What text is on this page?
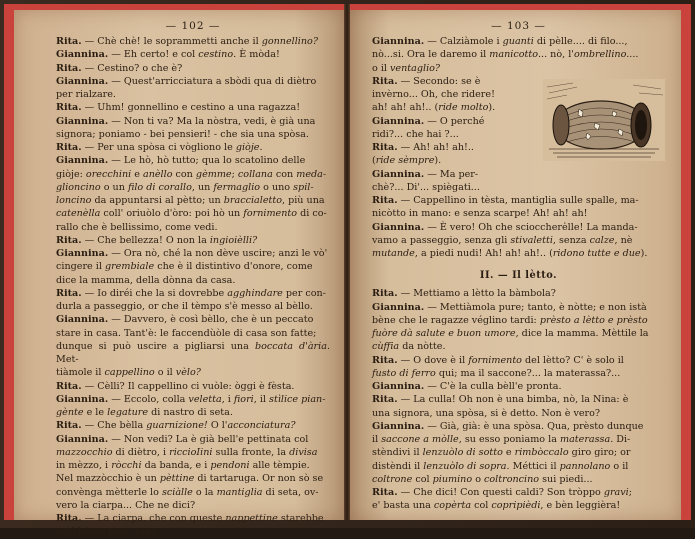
— 102 —

Rita. — Chè chè! le soprammetti anche il gonnellino?

Giannina. — Eh certo! e col cestino. È mòda!

Rita. — Cestino? o che è?

Giannina. — Quest'arricciatura a sbòdi qua di diètro

per rialzare.

Rita. — Uhm! gonnellino e cestino a una ragazza!

Giannina. — Non ti va? Ma la nòstra, vedi, è già una

signora; poniamo - bei pensieri! - che sia una spòsa.

Rita. — Per una spòsa ci vògliono le giòje.

Giannina. — Le hò, hò tutto; qua lo scatolino delle

giòje: orecchini e anèllo con gèmme; collana con meda-

glioncino o un filo di corallo, un fermaglio o uno spil-

loncino da appuntarsi al pètto; un braccialetto, più una

catenèlla coll' oriuòlo d'òro: poi hò un fornimento di co-

rallo che è bellissimo, come vedi.

Rita. — Che bellezza! O non la ingioièlli?

Giannina. — Ora nò, ché la non dève uscire; anzi le vò'

cingere il grembiale che è il distintivo d'onore, come

dice la mamma, della dònna da casa.

Rita. — Io diréi che la si dovrebbe agghindare per con-

durla a passeggio, or che il tèmpo s'è messo al bèllo.

Giannina. — Davvero, è così bèllo, che è un peccato

stare in casa. Tant'è: le faccendùòle di casa son fatte;

dunque si può uscire a pigliarsi una boccata d'ària. Met-

tiàmole il cappellino o il vèlo?

Rita. — Cèlli? Il cappellino ci vuòle: òggi è fèsta.

Giannina. — Eccolo, colla veletta, i fiori, il stìlice pian-

gènte e le legature di nastro di seta.

Rita. — Che bèlla guarnizione! O l'acconciatura?

Giannina. — Non vedi? La è già bell'e pettinata col

mazzocchio di diètro, i riccioIini sulla fronte, la divisa

in mèzzo, i ròcchi da banda, e i pendoni alle tèmpie.

Nel mazzòcchio è un pèttine di tartaruga. Or non sò se

convènga mètterle lo sciàlle o la mantiglia di seta, ov-

vero la ciarpa... Che ne dici?

Rita. — La ciarpa, che con queste nappettine starebbe

così bène, pare a me

— 103 —

Giannina. — Calziàmole i guanti di pèlle.... di filo...,

nò...si. Ora le daremo il manicotto... nò, l'ombrellino....

o il ventaglio?

Rita. — Secondo: se è

invèrno... Oh, che ridere!

ah! ah! ah!.. (ride molto).

Giannina. — O perché

ridi?... che hai ?...

Rita. — Ah! ah! ah!..

(ride sèmpre).

Giannina. — Ma per-

chè?... Di'... spiègati...

Rita. — Cappellino in tèsta, mantiglia sulle spalle, ma-

nicòtto in mano: e senza scarpe! Ah! ah! ah!

Giannina. — È vero! Oh che sciocchere̍lle! La manda-

vamo a passeggio, senza gli stivaletti, senza calze, nè

mutande, a piedi nudi! Ah! ah! ah!.. (ridono tutte e due).

II. — Il lètto.

Rita. — Mettiamo a lètto la bàmbola?

Giannina. — Mettiàmola pure; tanto, è nòtte; e non istà

bène che le ragazze véglino tardi: prèsto a lètto e prèsto

fuòre dà salute e buon umore, dice la mamma. Mèttile la

cùffia da nòtte.

Rita. — O dove è il fornimento del lètto? C' è solo il

fusto di ferro qui; ma il saccone?... la materassa?...

Giannina. — C'è la culla bèll'e pronta.

Rita. — La culla! Oh non è una bimba, nò, la Nina: è

una signora, una spòsa, si è detto. Non è vero?

Giannina. — Già, già: è una spòsa. Qua, prèsto dunque

il saccone a mòlle, su esso poniamo la materassa. Di-

stèndivi il lenzuòlo di sotto e rimbòccalo giro giro; or

distèndi il lenzuòlo di sopra. Méttici il pannolano o il

coltrone col piumino o coltroncino sui piedi...

Rita. — Che dici! Con questi caldi? Son tròppo gravi;

e' basta una copèrta col copripièdi, e bèn leggièra!
